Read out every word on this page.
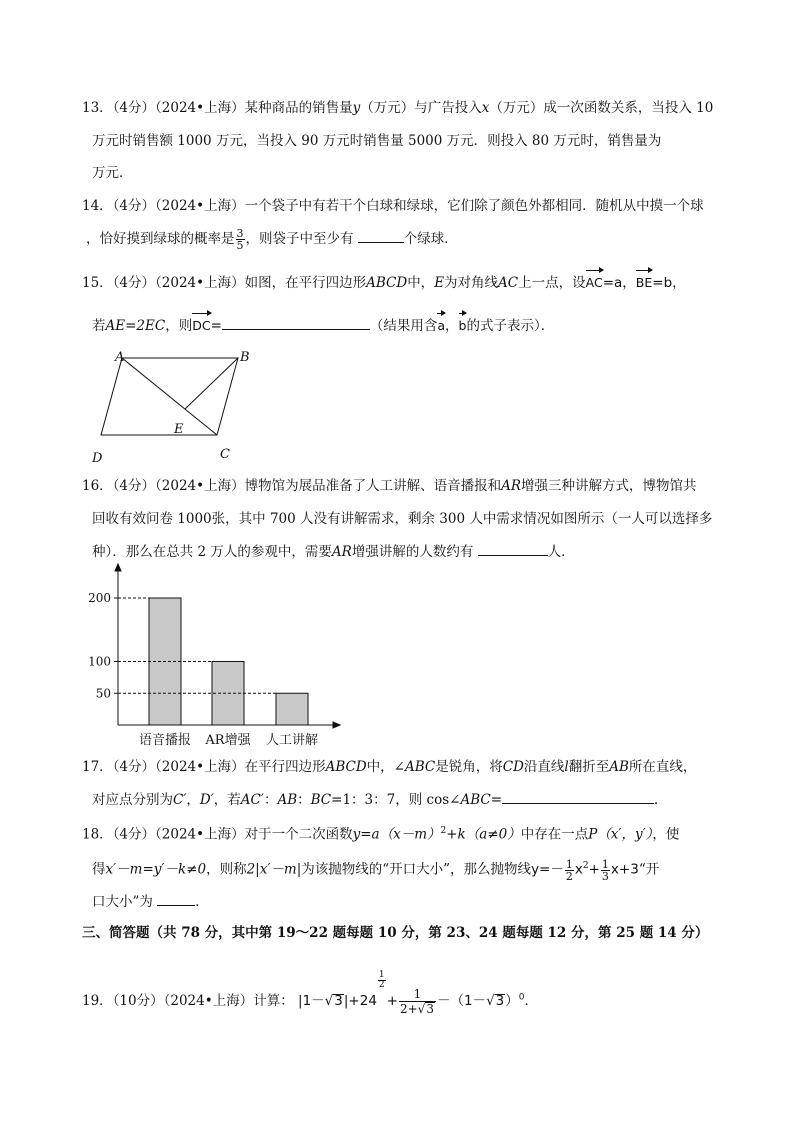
13．（4分）（2024•上海）某种商品的销售量y（万元）与广告投入x（万元）成一次函数关系，当投入 10
万元时销售额 1000 万元，当投入 90 万元时销售量 5000 万元．则投入 80 万元时，销售量为
万元．
14．（4分）（2024•上海）一个袋子中有若干个白球和绿球，它们除了颜色外都相同．随机从中摸一个球
，恰好摸到绿球的概率是 $\frac{3}{5}$ ，则袋子中至少有	个绿球．
15．（4分）（2024•上海）如图，在平行四边形ABCD中，E为对角线AC上一点，设AC=a，BE=b，
若AE=2EC，则DC=	（结果用含a，b的式子表示）．
A	B
C
D
E
16．（4分）（2024•上海）博物馆为展品准备了人工讲解、语音播报和AR增强三种讲解方式，博物馆共
回收有效问卷 1000张，其中 700 人没有讲解需求，剩余 300 人中需求情况如图所示（一人可以选择多
种）．那么在总共 2 万人的参观中，需要AR增强讲解的人数约有	人．
200
语音播报
100
AR增强
50
人工讲解
17．（4分）（2024•上海）在平行四边形ABCD中，∠ABC是锐角，将CD沿直线l翻折至AB所在直线，
对应点分别为C′，D′，若AC′：AB：BC=1：3：7，则 cos∠ABC=	．
18．（4分）（2024•上海）对于一个二次函数$y=a(x-m)^2+k(a\ne 0)$中存在一点P（x′，y′），使
得x′－m=y′－k≠0，则称2|x′－m|为该抛物线的“开口大小”，那么抛物线$y=- \frac{1}{2} x^2+ \frac{1}{3}$ x+3“开
口大小”为	．
三、简答题（共 78 分，其中第 19～22 题每题 10 分，第 23、24 题每题 12 分，第 25 题 14 分）
19．（10分）（2024•上海）计算： |1－√3|+24
$\frac{1}{2}$
+ $\frac{1}{2+√3} -(1-√3)^0$．
